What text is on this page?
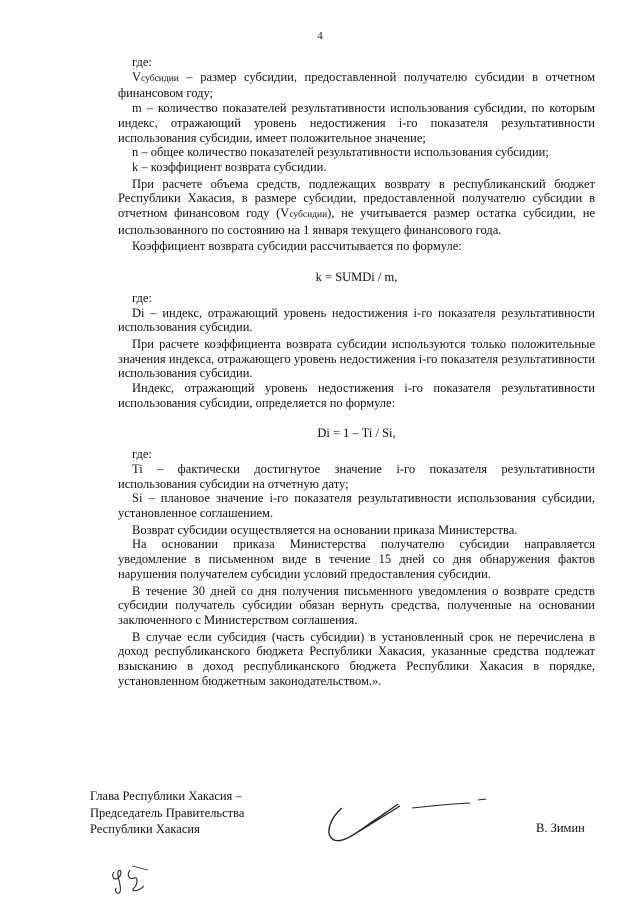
4

где:

Vсубсидии – размер субсидии, предоставленной получателю субсидии в отчетном финансовом году;

m – количество показателей результативности использования субсидии, по которым индекс, отражающий уровень недостижения i-го показателя результативности использования субсидии, имеет положительное значение;

n – общее количество показателей результативности использования субсидии;

k – коэффициент возврата субсидии.

При расчете объема средств, подлежащих возврату в республиканский бюджет Республики Хакасия, в размере субсидии, предоставленной получателю субсидии в отчетном финансовом году (Vсубсидии), не учитывается размер остатка субсидии, не использованного по состоянию на 1 января текущего финансового года.

Коэффициент возврата субсидии рассчитывается по формуле:

k = SUMDi / m,

где:

Di – индекс, отражающий уровень недостижения i-го показателя результативности использования субсидии.

При расчете коэффициента возврата субсидии используются только положительные значения индекса, отражающего уровень недостижения i-го показателя результативности использования субсидии.

Индекс, отражающий уровень недостижения i-го показателя результативности использования субсидии, определяется по формуле:

Di = 1 – Ti / Si,

где:

Ti – фактически достигнутое значение i-го показателя результативности использования субсидии на отчетную дату;

Si – плановое значение i-го показателя результативности использования субсидии, установленное соглашением.

Возврат субсидии осуществляется на основании приказа Министерства.

На основании приказа Министерства получателю субсидии направляется уведомление в письменном виде в течение 15 дней со дня обнаружения фактов нарушения получателем субсидии условий предоставления субсидии.

В течение 30 дней со дня получения письменного уведомления о возврате средств субсидии получатель субсидии обязан вернуть средства, полученные на основании заключенного с Министерством соглашения.

В случае если субсидия (часть субсидии) в установленный срок не перечислена в доход республиканского бюджета Республики Хакасия, указанные средства подлежат взысканию в доход республиканского бюджета Республики Хакасия в порядке, установленном бюджетным законодательством.».

Глава Республики Хакасия –
Председатель Правительства
Республики Хакасия	В. Зимин
